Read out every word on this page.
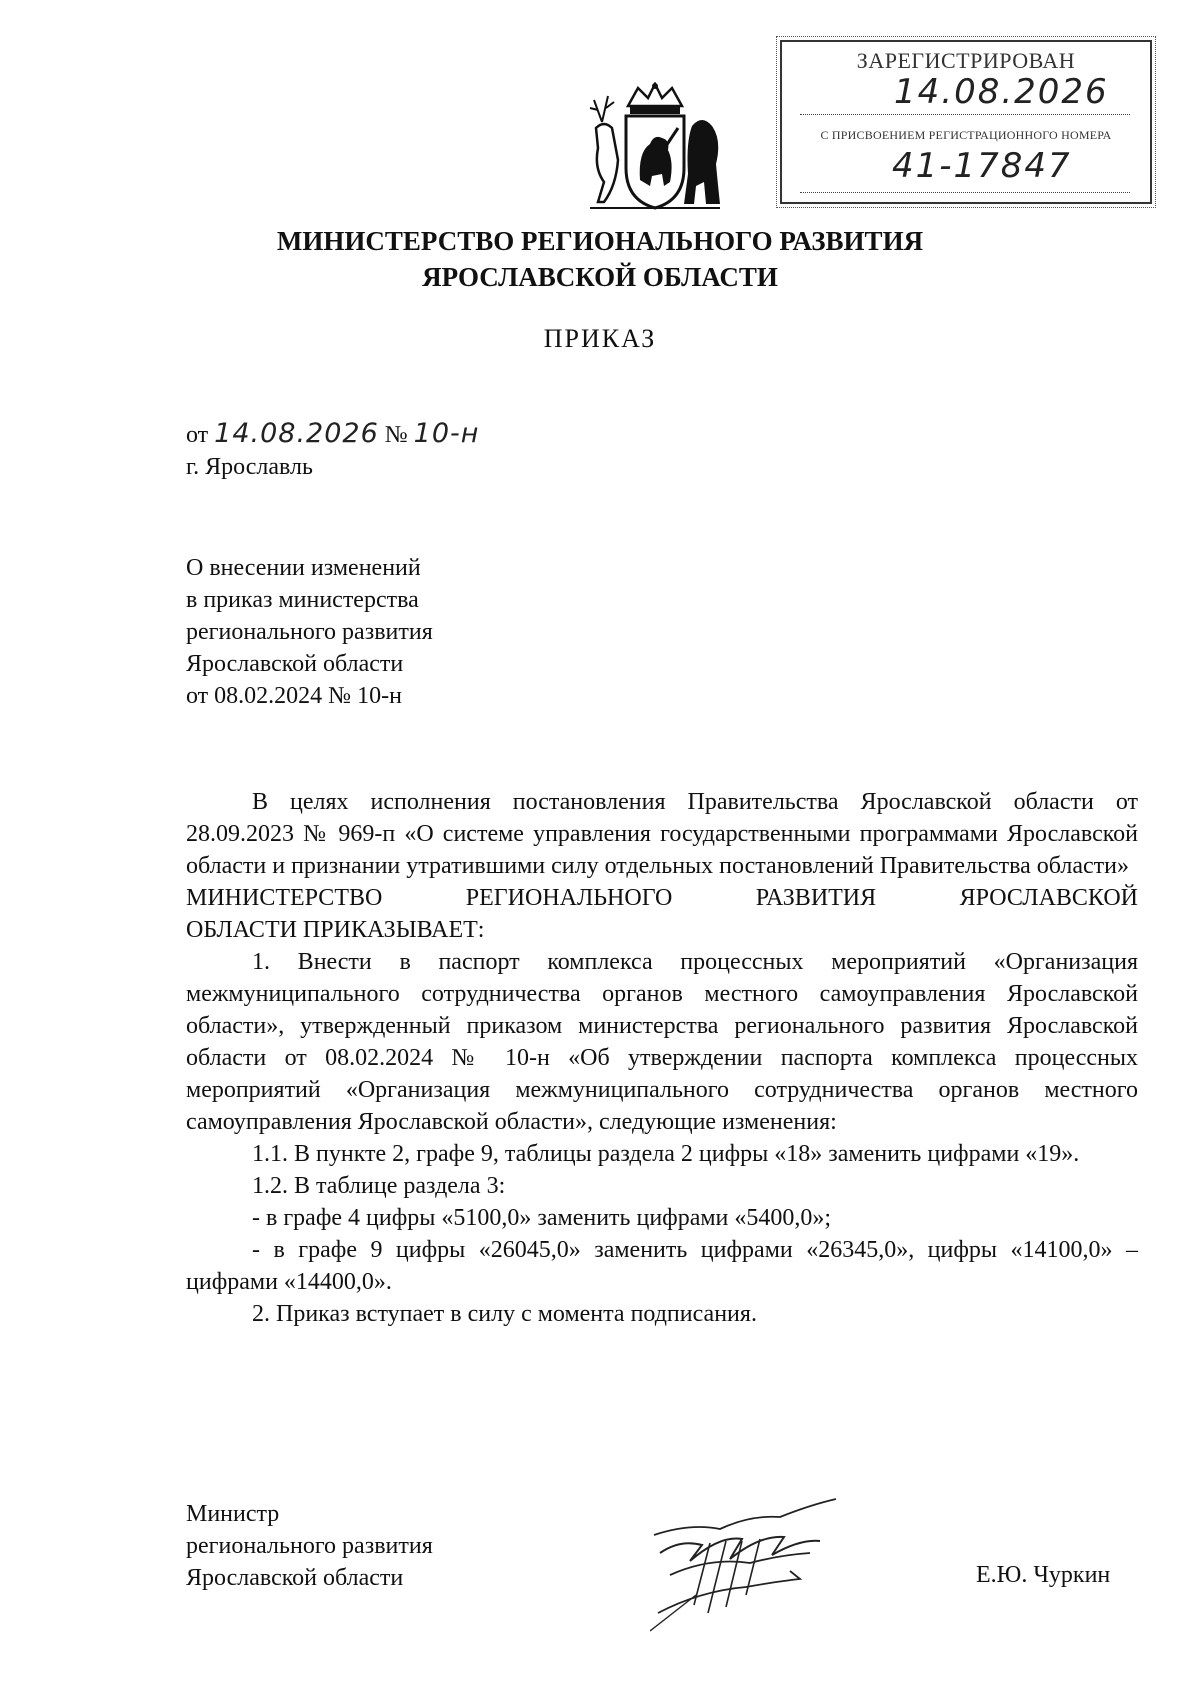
ЗАРЕГИСТРИРОВАН
14.08.2026
С ПРИСВОЕНИЕМ РЕГИСТРАЦИОННОГО НОМЕРА
41-17847
МИНИСТЕРСТВО РЕГИОНАЛЬНОГО РАЗВИТИЯ
ЯРОСЛАВСКОЙ ОБЛАСТИ
ПРИКАЗ
от 14.08.2026 № 10-н
г. Ярославль
О внесении изменений
в приказ министерства
регионального развития
Ярославской области
от 08.02.2024 № 10-н
В целях исполнения постановления Правительства Ярославской области от 28.09.2023 № 969-п «О системе управления государственными программами Ярославской области и признании утратившими силу отдельных постановлений Правительства области»
МИНИСТЕРСТВО РЕГИОНАЛЬНОГО РАЗВИТИЯ ЯРОСЛАВСКОЙ
ОБЛАСТИ ПРИКАЗЫВАЕТ:
1. Внести в паспорт комплекса процессных мероприятий «Организация межмуниципального сотрудничества органов местного самоуправления Ярославской области», утвержденный приказом министерства регионального развития Ярославской области от 08.02.2024 № 10-н «Об утверждении паспорта комплекса процессных мероприятий «Организация межмуниципального сотрудничества органов местного самоуправления Ярославской области», следующие изменения:
1.1. В пункте 2, графе 9, таблицы раздела 2 цифры «18» заменить цифрами «19».
1.2. В таблице раздела 3:
- в графе 4 цифры «5100,0» заменить цифрами «5400,0»;
- в графе 9 цифры «26045,0» заменить цифрами «26345,0», цифры «14100,0» – цифрами «14400,0».
2. Приказ вступает в силу с момента подписания.
Министр
регионального развития
Ярославской области	Е.Ю. Чуркин
